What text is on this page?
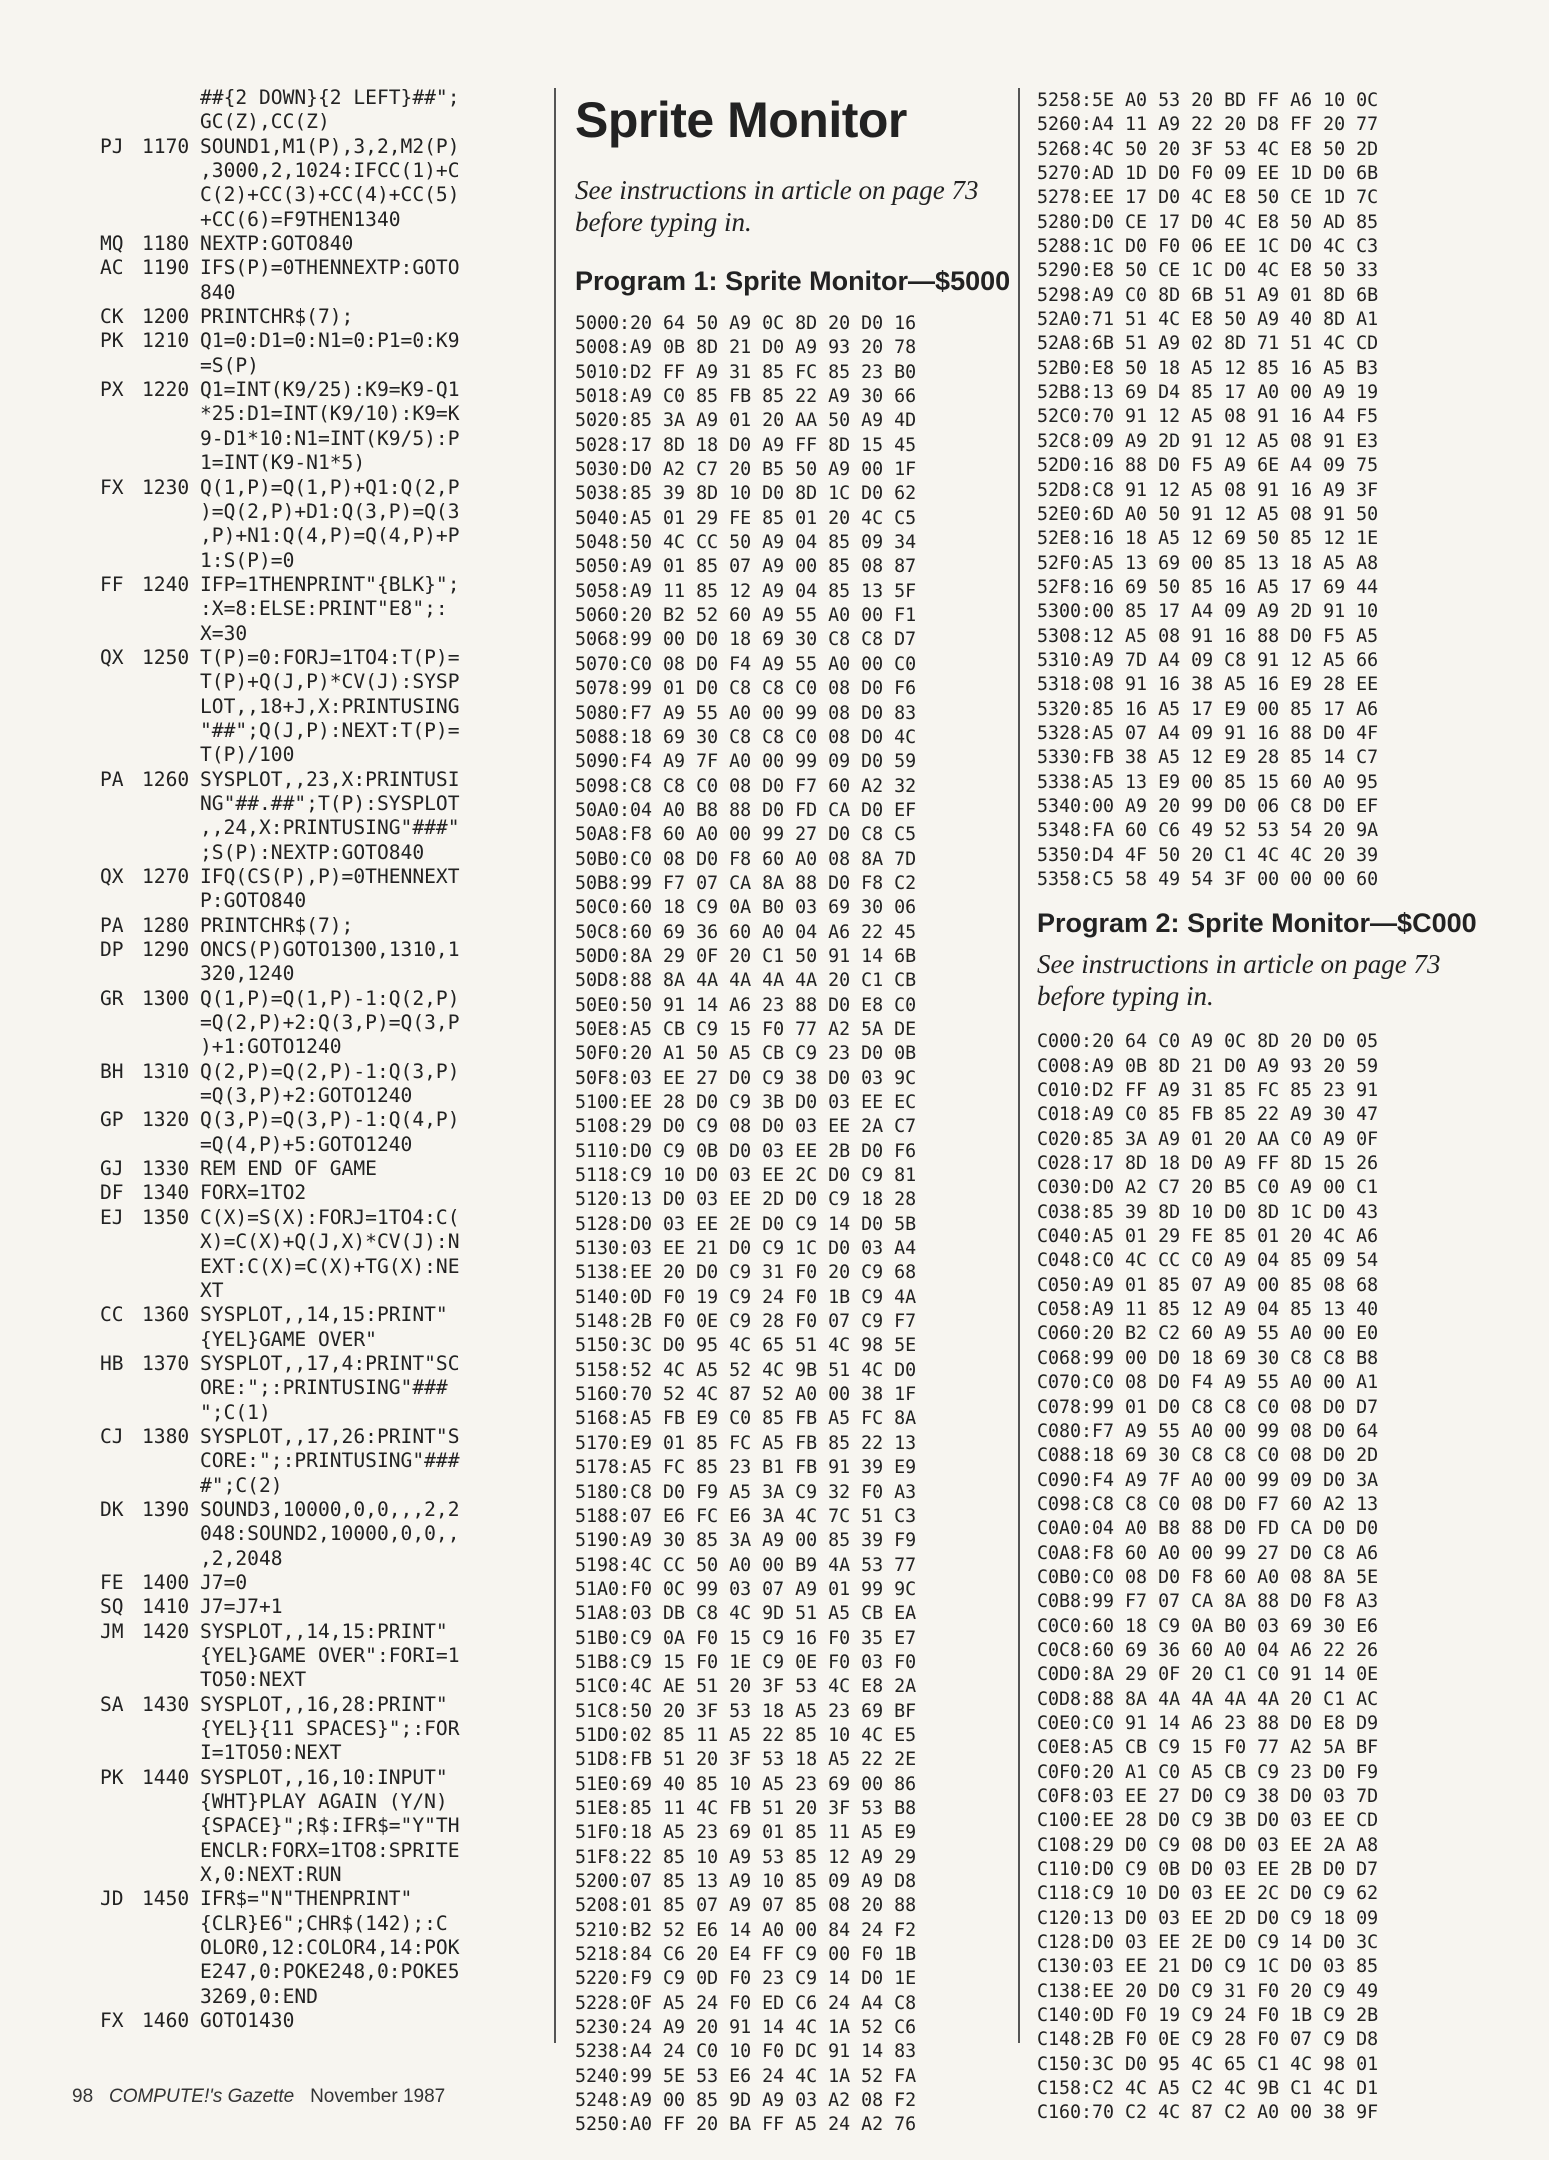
##{2 DOWN}{2 LEFT}##";
GC(Z),CC(Z)
PJ 1170 SOUND1,M1(P),3,2,M2(P)
,3000,2,1024:IFCC(1)+C
C(2)+CC(3)+CC(4)+CC(5)
+CC(6)=F9THEN1340
MQ 1180 NEXTP:GOTO840
AC 1190 IFS(P)=0THENNEXTP:GOTO
840
CK 1200 PRINTCHR$(7);
PK 1210 Q1=0:D1=0:N1=0:P1=0:K9
=S(P)
PX 1220 Q1=INT(K9/25):K9=K9-Q1
*25:D1=INT(K9/10):K9=K
9-D1*10:N1=INT(K9/5):P
1=INT(K9-N1*5)
FX 1230 Q(1,P)=Q(1,P)+Q1:Q(2,P
)=Q(2,P)+D1:Q(3,P)=Q(3
,P)+N1:Q(4,P)=Q(4,P)+P
1:S(P)=0
FF 1240 IFP=1THENPRINT"{BLK}";
:X=8:ELSE:PRINT"E8";:
X=30
QX 1250 T(P)=0:FORJ=1TO4:T(P)=
T(P)+Q(J,P)*CV(J):SYSP
LOT,,18+J,X:PRINTUSING
"##";Q(J,P):NEXT:T(P)=
T(P)/100
PA 1260 SYSPLOT,,23,X:PRINTUSI
NG"##.##";T(P):SYSPLOT
,,24,X:PRINTUSING"###"
;S(P):NEXTP:GOTO840
QX 1270 IFQ(CS(P),P)=0THENNEXT
P:GOTO840
PA 1280 PRINTCHR$(7);
DP 1290 ONCS(P)GOTO1300,1310,1
320,1240
GR 1300 Q(1,P)=Q(1,P)-1:Q(2,P)
=Q(2,P)+2:Q(3,P)=Q(3,P
)+1:GOTO1240
BH 1310 Q(2,P)=Q(2,P)-1:Q(3,P)
=Q(3,P)+2:GOTO1240
GP 1320 Q(3,P)=Q(3,P)-1:Q(4,P)
=Q(4,P)+5:GOTO1240
GJ 1330 REM END OF GAME
DF 1340 FORX=1TO2
EJ 1350 C(X)=S(X):FORJ=1TO4:C(
X)=C(X)+Q(J,X)*CV(J):N
EXT:C(X)=C(X)+TG(X):NE
XT
CC 1360 SYSPLOT,,14,15:PRINT"
{YEL}GAME OVER"
HB 1370 SYSPLOT,,17,4:PRINT"SC
ORE:";:PRINTUSING"###
";C(1)
CJ 1380 SYSPLOT,,17,26:PRINT"S
CORE:";:PRINTUSING"###
#";C(2)
DK 1390 SOUND3,10000,0,0,,,2,2
048:SOUND2,10000,0,0,,
,2,2048
FE 1400 J7=0
SQ 1410 J7=J7+1
JM 1420 SYSPLOT,,14,15:PRINT"
{YEL}GAME OVER":FORI=1
TO50:NEXT
SA 1430 SYSPLOT,,16,28:PRINT"
{YEL}{11 SPACES}";:FOR
I=1TO50:NEXT
PK 1440 SYSPLOT,,16,10:INPUT"
{WHT}PLAY AGAIN (Y/N)
{SPACE}";R$:IFR$="Y"TH
ENCLR:FORX=1TO8:SPRITE
X,0:NEXT:RUN
JD 1450 IFR$="N"THENPRINT"
{CLR}E6";CHR$(142);:C
OLOR0,12:COLOR4,14:POK
E247,0:POKE248,0:POKE5
3269,0:END
FX 1460 GOTO1430
Sprite Monitor
See instructions in article on page 73 before typing in.
Program 1: Sprite Monitor—$5000
5000:20 64 50 A9 0C 8D 20 D0 16
5008:A9 0B 8D 21 D0 A9 93 20 78
5010:D2 FF A9 31 85 FC 85 23 B0
5018:A9 C0 85 FB 85 22 A9 30 66
5020:85 3A A9 01 20 AA 50 A9 4D
5028:17 8D 18 D0 A9 FF 8D 15 45
5030:D0 A2 C7 20 B5 50 A9 00 1F
5038:85 39 8D 10 D0 8D 1C D0 62
5040:A5 01 29 FE 85 01 20 4C C5
5048:50 4C CC 50 A9 04 85 09 34
5050:A9 01 85 07 A9 00 85 08 87
5058:A9 11 85 12 A9 04 85 13 5F
5060:20 B2 52 60 A9 55 A0 00 F1
5068:99 00 D0 18 69 30 C8 C8 D7
5070:C0 08 D0 F4 A9 55 A0 00 C0
5078:99 01 D0 C8 C8 C0 08 D0 F6
5080:F7 A9 55 A0 00 99 08 D0 83
5088:18 69 30 C8 C8 C0 08 D0 4C
5090:F4 A9 7F A0 00 99 09 D0 59
5098:C8 C8 C0 08 D0 F7 60 A2 32
50A0:04 A0 B8 88 D0 FD CA D0 EF
50A8:F8 60 A0 00 99 27 D0 C8 C5
50B0:C0 08 D0 F8 60 A0 08 8A 7D
50B8:99 F7 07 CA 8A 88 D0 F8 C2
50C0:60 18 C9 0A B0 03 69 30 06
50C8:60 69 36 60 A0 04 A6 22 45
50D0:8A 29 0F 20 C1 50 91 14 6B
50D8:88 8A 4A 4A 4A 4A 20 C1 CB
50E0:50 91 14 A6 23 88 D0 E8 C0
50E8:A5 CB C9 15 F0 77 A2 5A DE
50F0:20 A1 50 A5 CB C9 23 D0 0B
50F8:03 EE 27 D0 C9 38 D0 03 9C
5100:EE 28 D0 C9 3B D0 03 EE EC
5108:29 D0 C9 08 D0 03 EE 2A C7
5110:D0 C9 0B D0 03 EE 2B D0 F6
5118:C9 10 D0 03 EE 2C D0 C9 81
5120:13 D0 03 EE 2D D0 C9 18 28
5128:D0 03 EE 2E D0 C9 14 D0 5B
5130:03 EE 21 D0 C9 1C D0 03 A4
5138:EE 20 D0 C9 31 F0 20 C9 68
5140:0D F0 19 C9 24 F0 1B C9 4A
5148:2B F0 0E C9 28 F0 07 C9 F7
5150:3C D0 95 4C 65 51 4C 98 5E
5158:52 4C A5 52 4C 9B 51 4C D0
5160:70 52 4C 87 52 A0 00 38 1F
5168:A5 FB E9 C0 85 FB A5 FC 8A
5170:E9 01 85 FC A5 FB 85 22 13
5178:A5 FC 85 23 B1 FB 91 39 E9
5180:C8 D0 F9 A5 3A C9 32 F0 A3
5188:07 E6 FC E6 3A 4C 7C 51 C3
5190:A9 30 85 3A A9 00 85 39 F9
5198:4C CC 50 A0 00 B9 4A 53 77
51A0:F0 0C 99 03 07 A9 01 99 9C
51A8:03 DB C8 4C 9D 51 A5 CB EA
51B0:C9 0A F0 15 C9 16 F0 35 E7
51B8:C9 15 F0 1E C9 0E F0 03 F0
51C0:4C AE 51 20 3F 53 4C E8 2A
51C8:50 20 3F 53 18 A5 23 69 BF
51D0:02 85 11 A5 22 85 10 4C E5
51D8:FB 51 20 3F 53 18 A5 22 2E
51E0:69 40 85 10 A5 23 69 00 86
51E8:85 11 4C FB 51 20 3F 53 B8
51F0:18 A5 23 69 01 85 11 A5 E9
51F8:22 85 10 A9 53 85 12 A9 29
5200:07 85 13 A9 10 85 09 A9 D8
5208:01 85 07 A9 07 85 08 20 88
5210:B2 52 E6 14 A0 00 84 24 F2
5218:84 C6 20 E4 FF C9 00 F0 1B
5220:F9 C9 0D F0 23 C9 14 D0 1E
5228:0F A5 24 F0 ED C6 24 A4 C8
5230:24 A9 20 91 14 4C 1A 52 C6
5238:A4 24 C0 10 F0 DC 91 14 83
5240:99 5E 53 E6 24 4C 1A 52 FA
5248:A9 00 85 9D A9 03 A2 08 F2
5250:A0 FF 20 BA FF A5 24 A2 76
5258:5E A0 53 20 BD FF A6 10 0C
5260:A4 11 A9 22 20 D8 FF 20 77
5268:4C 50 20 3F 53 4C E8 50 2D
5270:AD 1D D0 F0 09 EE 1D D0 6B
5278:EE 17 D0 4C E8 50 CE 1D 7C
5280:D0 CE 17 D0 4C E8 50 AD 85
5288:1C D0 F0 06 EE 1C D0 4C C3
5290:E8 50 CE 1C D0 4C E8 50 33
5298:A9 C0 8D 6B 51 A9 01 8D 6B
52A0:71 51 4C E8 50 A9 40 8D A1
52A8:6B 51 A9 02 8D 71 51 4C CD
52B0:E8 50 18 A5 12 85 16 A5 B3
52B8:13 69 D4 85 17 A0 00 A9 19
52C0:70 91 12 A5 08 91 16 A4 F5
52C8:09 A9 2D 91 12 A5 08 91 E3
52D0:16 88 D0 F5 A9 6E A4 09 75
52D8:C8 91 12 A5 08 91 16 A9 3F
52E0:6D A0 50 91 12 A5 08 91 50
52E8:16 18 A5 12 69 50 85 12 1E
52F0:A5 13 69 00 85 13 18 A5 A8
52F8:16 69 50 85 16 A5 17 69 44
5300:00 85 17 A4 09 A9 2D 91 10
5308:12 A5 08 91 16 88 D0 F5 A5
5310:A9 7D A4 09 C8 91 12 A5 66
5318:08 91 16 38 A5 16 E9 28 EE
5320:85 16 A5 17 E9 00 85 17 A6
5328:A5 07 A4 09 91 16 88 D0 4F
5330:FB 38 A5 12 E9 28 85 14 C7
5338:A5 13 E9 00 85 15 60 A0 95
5340:00 A9 20 99 D0 06 C8 D0 EF
5348:FA 60 C6 49 52 53 54 20 9A
5350:D4 4F 50 20 C1 4C 4C 20 39
5358:C5 58 49 54 3F 00 00 00 60
Program 2: Sprite Monitor—$C000
See instructions in article on page 73 before typing in.
C000:20 64 C0 A9 0C 8D 20 D0 05
C008:A9 0B 8D 21 D0 A9 93 20 59
C010:D2 FF A9 31 85 FC 85 23 91
C018:A9 C0 85 FB 85 22 A9 30 47
C020:85 3A A9 01 20 AA C0 A9 0F
C028:17 8D 18 D0 A9 FF 8D 15 26
C030:D0 A2 C7 20 B5 C0 A9 00 C1
C038:85 39 8D 10 D0 8D 1C D0 43
C040:A5 01 29 FE 85 01 20 4C A6
C048:C0 4C CC C0 A9 04 85 09 54
C050:A9 01 85 07 A9 00 85 08 68
C058:A9 11 85 12 A9 04 85 13 40
C060:20 B2 C2 60 A9 55 A0 00 E0
C068:99 00 D0 18 69 30 C8 C8 B8
C070:C0 08 D0 F4 A9 55 A0 00 A1
C078:99 01 D0 C8 C8 C0 08 D0 D7
C080:F7 A9 55 A0 00 99 08 D0 64
C088:18 69 30 C8 C8 C0 08 D0 2D
C090:F4 A9 7F A0 00 99 09 D0 3A
C098:C8 C8 C0 08 D0 F7 60 A2 13
C0A0:04 A0 B8 88 D0 FD CA D0 D0
C0A8:F8 60 A0 00 99 27 D0 C8 A6
C0B0:C0 08 D0 F8 60 A0 08 8A 5E
C0B8:99 F7 07 CA 8A 88 D0 F8 A3
C0C0:60 18 C9 0A B0 03 69 30 E6
C0C8:60 69 36 60 A0 04 A6 22 26
C0D0:8A 29 0F 20 C1 C0 91 14 0E
C0D8:88 8A 4A 4A 4A 4A 20 C1 AC
C0E0:C0 91 14 A6 23 88 D0 E8 D9
C0E8:A5 CB C9 15 F0 77 A2 5A BF
C0F0:20 A1 C0 A5 CB C9 23 D0 F9
C0F8:03 EE 27 D0 C9 38 D0 03 7D
C100:EE 28 D0 C9 3B D0 03 EE CD
C108:29 D0 C9 08 D0 03 EE 2A A8
C110:D0 C9 0B D0 03 EE 2B D0 D7
C118:C9 10 D0 03 EE 2C D0 C9 62
C120:13 D0 03 EE 2D D0 C9 18 09
C128:D0 03 EE 2E D0 C9 14 D0 3C
C130:03 EE 21 D0 C9 1C D0 03 85
C138:EE 20 D0 C9 31 F0 20 C9 49
C140:0D F0 19 C9 24 F0 1B C9 2B
C148:2B F0 0E C9 28 F0 07 C9 D8
C150:3C D0 95 4C 65 C1 4C 98 01
C158:C2 4C A5 C2 4C 9B C1 4C D1
C160:70 C2 4C 87 C2 A0 00 38 9F
98 COMPUTE!'s Gazette November 1987
